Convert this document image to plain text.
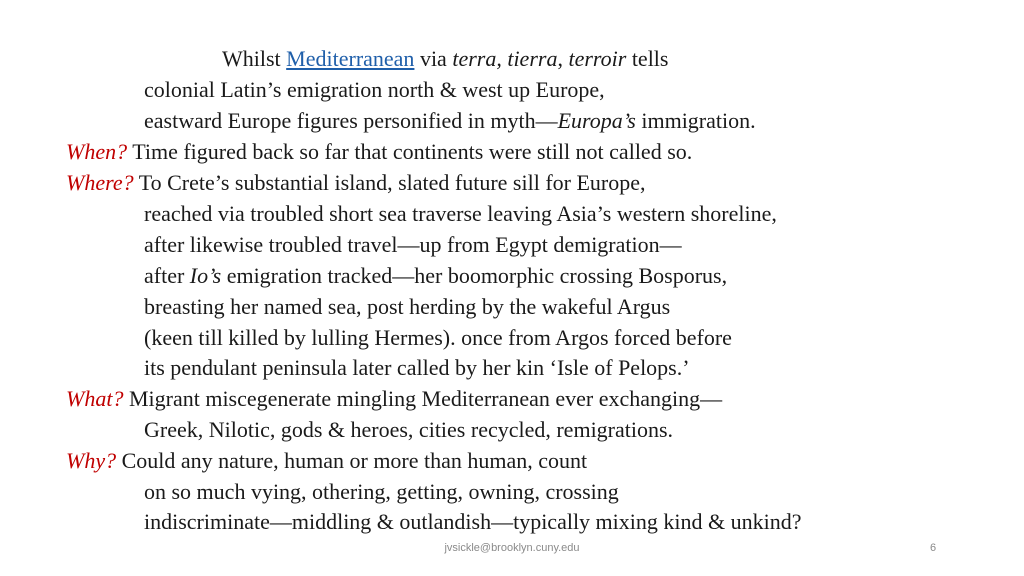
Whilst Mediterranean via terra, tierra, terroir tells
colonial Latin’s emigration north & west up Europe,
eastward Europe figures personified in myth—Europa’s immigration.
When? Time figured back so far that continents were still not called so.
Where? To Crete’s substantial island, slated future sill for Europe,
reached via troubled short sea traverse leaving Asia’s western shoreline,
after likewise troubled travel—up from Egypt demigration—
after Io’s emigration tracked—her boomorphic crossing Bosporus,
breasting her named sea, post herding by the wakeful Argus
(keen till killed by lulling Hermes). once from Argos forced before
its pendulant peninsula later called by her kin ‘Isle of Pelops.’
What? Migrant miscegenerate mingling Mediterranean ever exchanging—
Greek, Nilotic, gods & heroes, cities recycled, remigrations.
Why? Could any nature, human or more than human, count
on so much vying, othering, getting, owning, crossing
indiscriminate—middling & outlandish—typically mixing kind & unkind?
jvsickle@brooklyn.cuny.edu	6
